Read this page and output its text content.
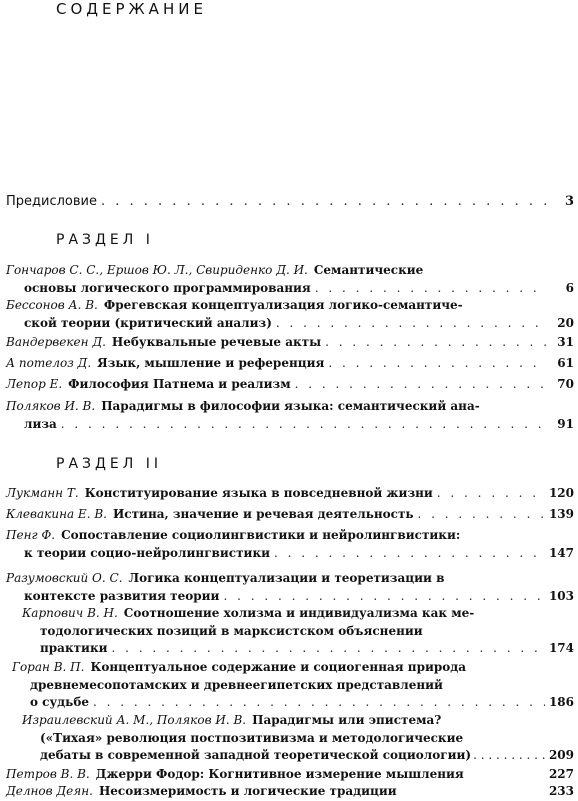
СОДЕРЖАНИЕ
Предисловие . . .	3
РАЗДЕЛ I
Гончаров С. С., Ершов Ю. Л., Свириденко Д. И. Семантические
основы логического программирования . . .	6
Бессонов А. В. Фрегевская концептуализация логико-семантиче-
ской теории (критический анализ) . . .	20
Вандервекен Д. Небуквальные речевые акты . . .	31
А потелоз Д. Язык, мышление и референция . . .	61
Лепор Е. Философия Патнема и реализм . . .	70
Поляков И. В. Парадигмы в философии языка: семантический ана-
лиза . . .	91
РАЗДЕЛ II
Лукманн Т. Конституирование языка в повседневной жизни . . .	120
Клевакина Е. В. Истина, значение и речевая деятельность . . .	139
Пенг Ф. Сопоставление социолингвистики и нейролингвистики:
к теории социо-нейролингвистики . . .	147
Разумовский О. С. Логика концептуализации и теоретизации в
контексте развития теории . . .	103
Карпович В. Н. Соотношение холизма и индивидуализма как ме-
тодологических позиций в марксистском объяснении
практики . . .	174
Горан В. П. Концептуальное содержание и социогенная природа
древнемесопотамских и древнеегипетских представлений
о судьбе . . .	186
Израилевский А. М., Поляков И. В. Парадигмы или эпистема?
(«Тихая» революция постпозитивизма и методологические
дебаты в современной западной теоретической социологии) . . .	209
Петров В. В. Джерри Фодор: Когнитивное измерение мышления	227
Делнов Деян. Несоизмеримость и логические традиции	233
